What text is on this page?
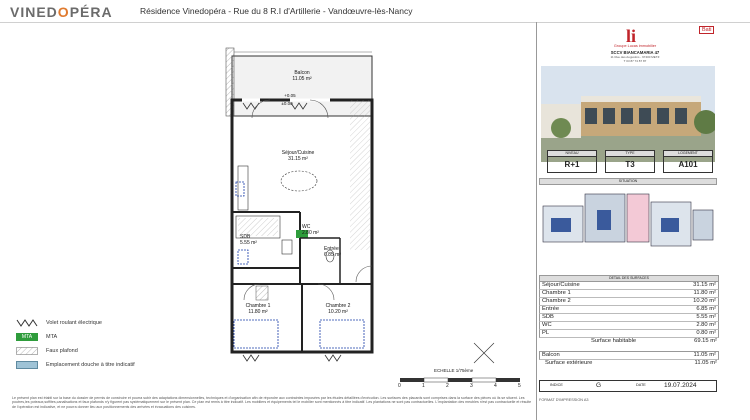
VINEDOPÉRA	Résidence Vinedopéra - Rue du 8 R.I d'Artillerie - Vandœuvre-lès-Nancy
Balcon
11.05 m²
+0.05
±0.00
Séjour/Cuisine
31.15 m²
SDB
5.55 m²
WC
2.80 m²
Entrée
6.85 m²
Chambre 1
11.80 m²
Chambre 2
10.20 m²
ECHELLE 1/75ème
0	1	2	3	4	5
Volet roulant électrique
MTA	MTA
Faux plafond
Emplacement douche à titre indicatif
Le présent plan est établi sur la base du dossier de permis de construire et pourra subir des adaptations dimensionnelles, techniques et d'organisation afin de répondre aux contraintes imposées par les études détaillées d'exécution. Les surfaces des placards sont comprises dans la surface des pièces où ils se situent. Les poutres,les poteaux,soffites,canalisations et faux plafonds n'y figurent pas systématiquement sur le présent plan. Ce plan est remis à titre indicatif. Les mobiliers et équipements tel le mobilier sont mentionnés à titre indicatif. Les plantations ne sont pas contractuelles. L'implantation des meubles n'est pas contractuelle et résulte de l'opération est indicative, et ne pourra donner lieu aux positionnements des arrivées et évacuations des cuisines.
li
Groupe Lucas immobilier
SCCV BIANCAMARIA 47
11 Rue des Augustins - 97400 METZ
T 03 87 74 87 87
Bati
NIVEAU	TYPE	LOGEMENT
R+1	T3	A101
SITUATION
DETAIL DES SURFACES
Séjour/Cuisine	31.15 m²
Chambre 1	11.80 m²
Chambre 2	10.20 m²
Entrée	6.85 m²
SDB	5.55 m²
WC	2.80 m²
PL	0.80 m²
Surface habitable	69.15 m²
Balcon	11.05 m²
Surface extérieure	11.05 m²
INDICE	G	DATE	19.07.2024
FORMAT D'IMPRESSION A3
